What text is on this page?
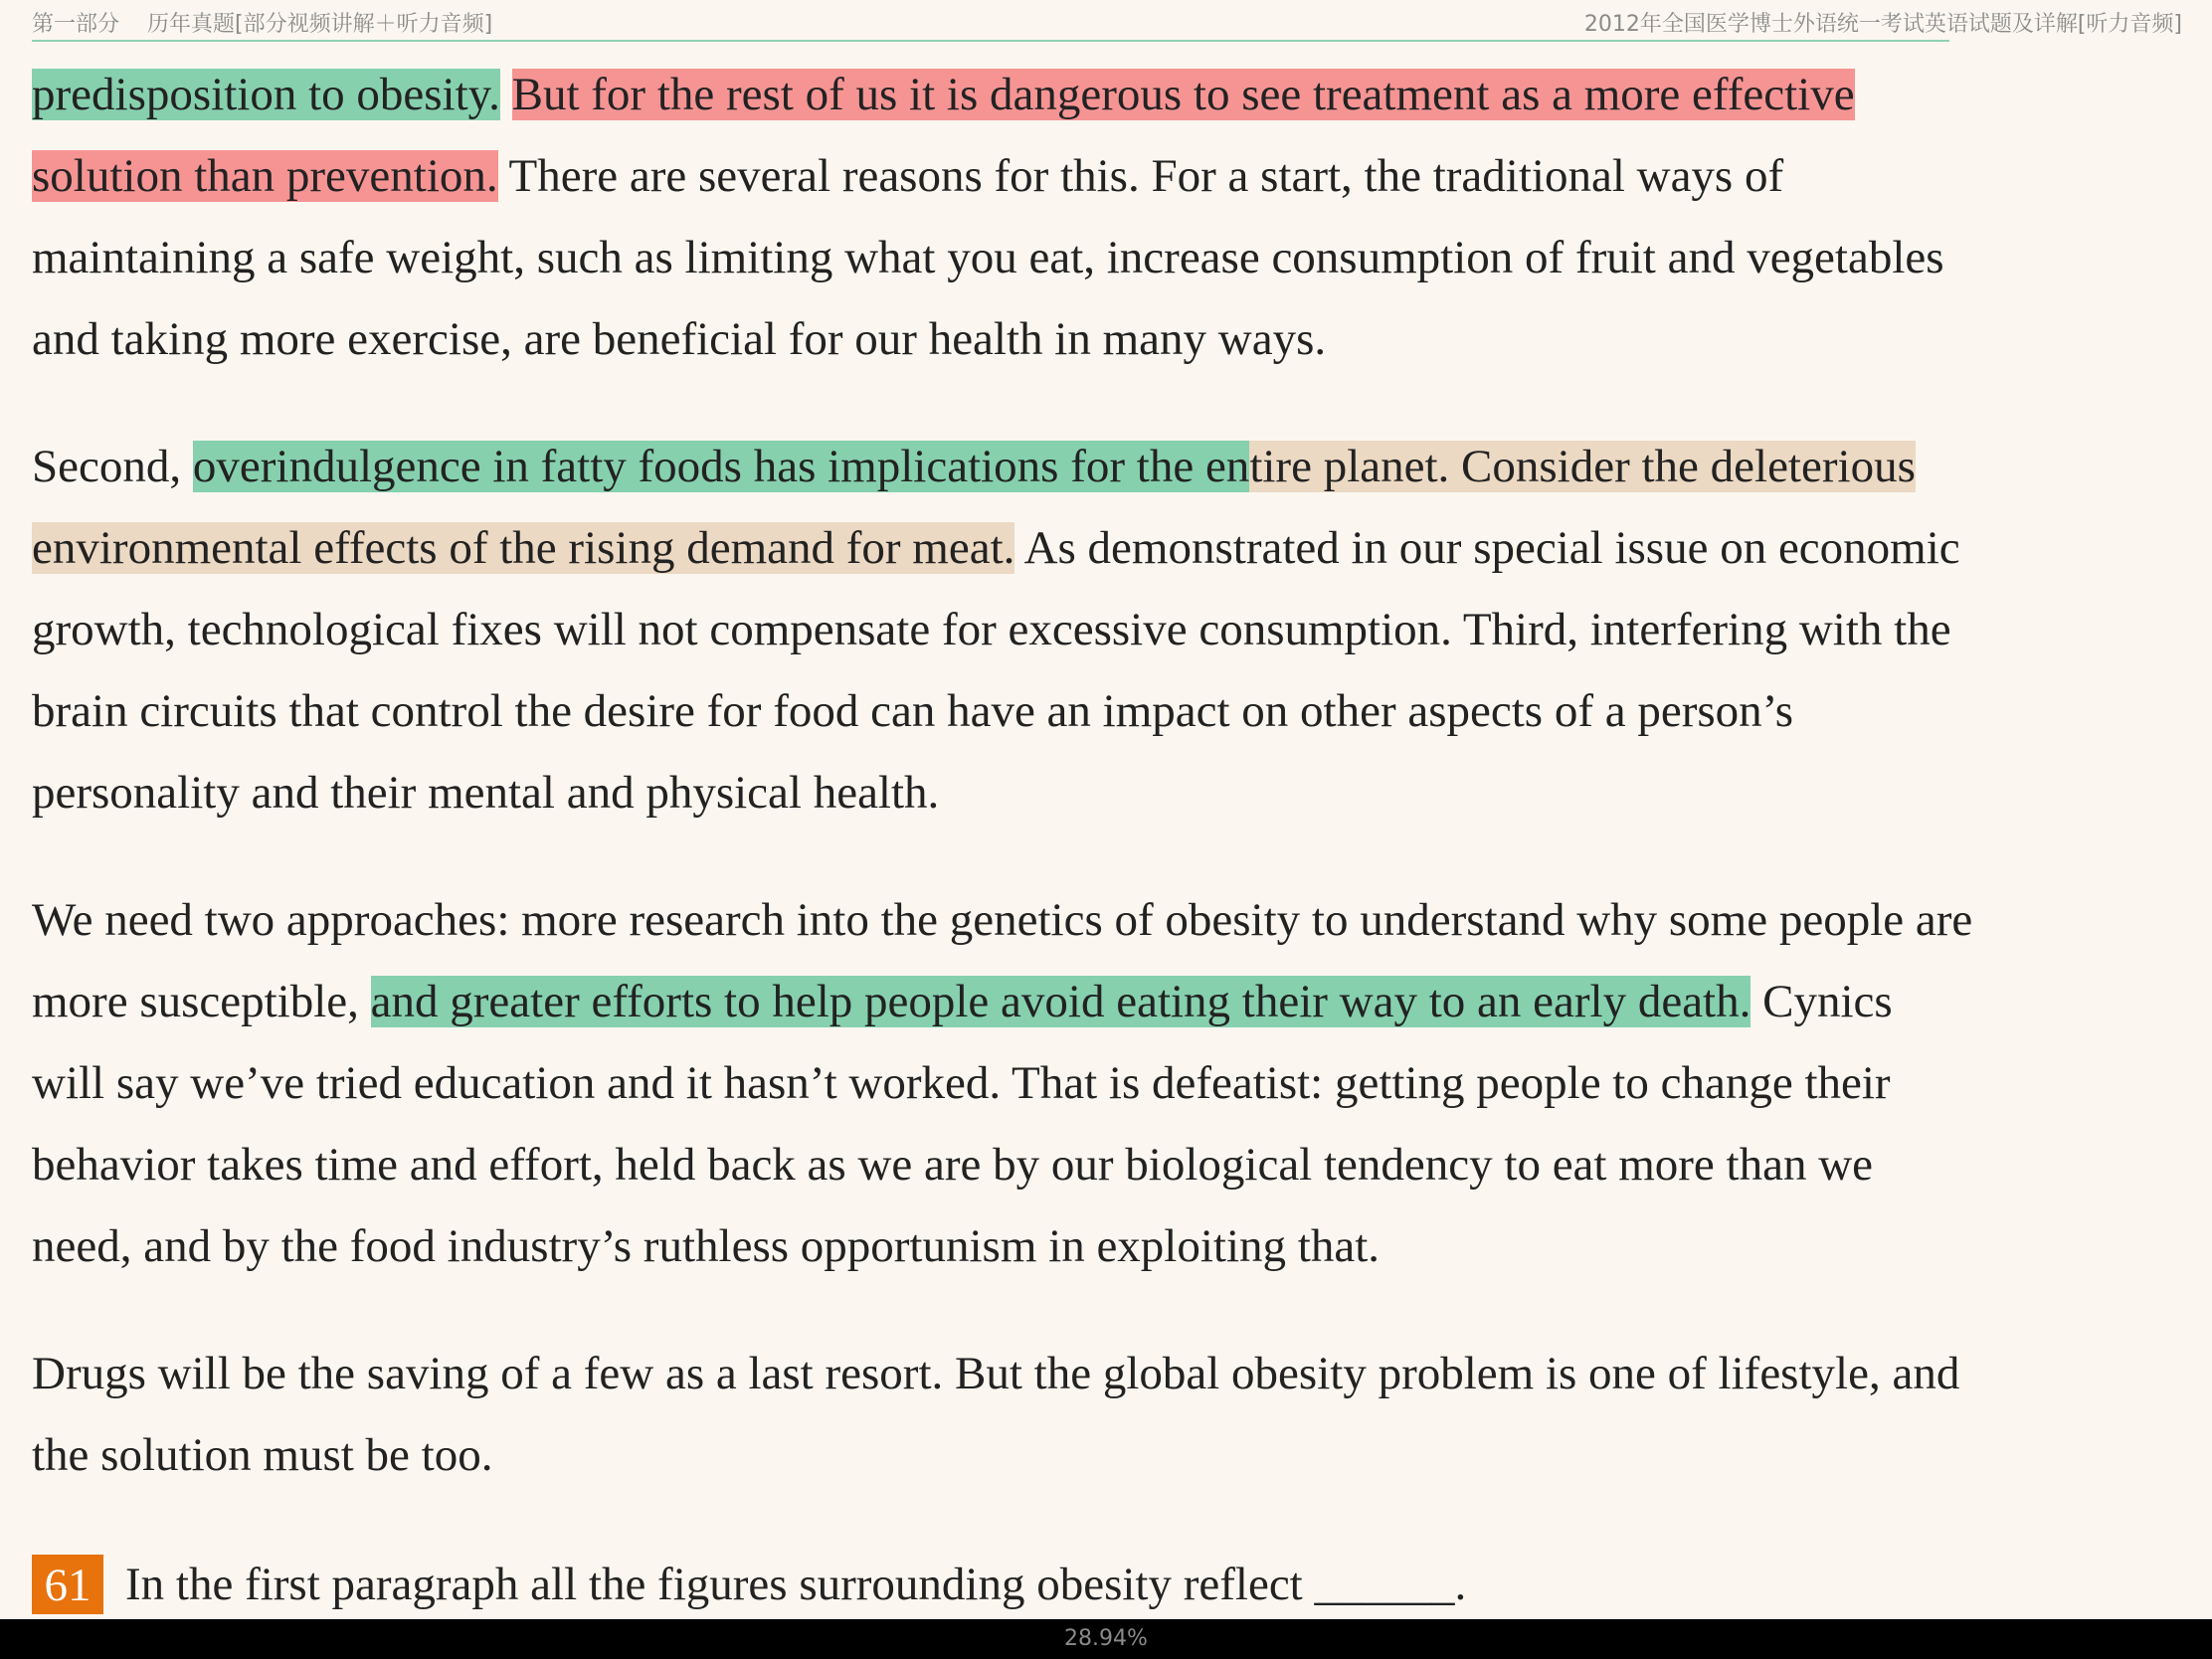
第一部分 历年真题[部分视频讲解＋听力音频]	2012年全国医学博士外语统一考试英语试题及详解[听力音频]
predisposition to obesity. But for the rest of us it is dangerous to see treatment as a more effective
solution than prevention. There are several reasons for this. For a start, the traditional ways of
maintaining a safe weight, such as limiting what you eat, increase consumption of fruit and vegetables
and taking more exercise, are beneficial for our health in many ways.
Second, overindulgence in fatty foods has implications for the entire planet. Consider the deleterious
environmental effects of the rising demand for meat. As demonstrated in our special issue on economic
growth, technological fixes will not compensate for excessive consumption. Third, interfering with the
brain circuits that control the desire for food can have an impact on other aspects of a person’s
personality and their mental and physical health.
We need two approaches: more research into the genetics of obesity to understand why some people are
more susceptible, and greater efforts to help people avoid eating their way to an early death. Cynics
will say we’ve tried education and it hasn’t worked. That is defeatist: getting people to change their
behavior takes time and effort, held back as we are by our biological tendency to eat more than we
need, and by the food industry’s ruthless opportunism in exploiting that.
Drugs will be the saving of a few as a last resort. But the global obesity problem is one of lifestyle, and
the solution must be too.
61 In the first paragraph all the figures surrounding obesity reflect ______.
28.94%
